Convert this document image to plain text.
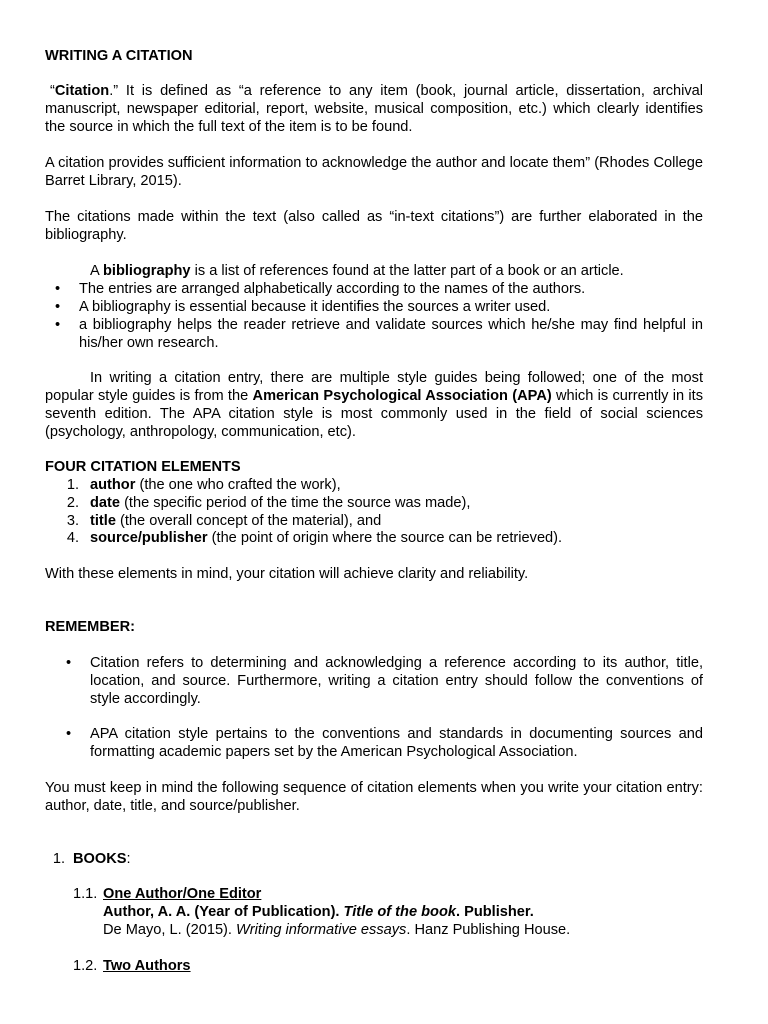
WRITING A CITATION

“Citation.” It is defined as “a reference to any item (book, journal article, dissertation, archival manuscript, newspaper editorial, report, website, musical composition, etc.) which clearly identifies the source in which the full text of the item is to be found.

A citation provides sufficient information to acknowledge the author and locate them” (Rhodes College Barret Library, 2015).

The citations made within the text (also called as “in-text citations”) are further elaborated in the bibliography.

A bibliography is a list of references found at the latter part of a book or an article.

• The entries are arranged alphabetically according to the names of the authors.

• A bibliography is essential because it identifies the sources a writer used.

• a bibliography helps the reader retrieve and validate sources which he/she may find helpful in his/her own research.

In writing a citation entry, there are multiple style guides being followed; one of the most popular style guides is from the American Psychological Association (APA) which is currently in its seventh edition. The APA citation style is most commonly used in the field of social sciences (psychology, anthropology, communication, etc).

FOUR CITATION ELEMENTS

1. author (the one who crafted the work),

2. date (the specific period of the time the source was made),

3. title (the overall concept of the material), and

4. source/publisher (the point of origin where the source can be retrieved).

With these elements in mind, your citation will achieve clarity and reliability.

REMEMBER:

• Citation refers to determining and acknowledging a reference according to its author, title, location, and source. Furthermore, writing a citation entry should follow the conventions of style accordingly.

• APA citation style pertains to the conventions and standards in documenting sources and formatting academic papers set by the American Psychological Association.

You must keep in mind the following sequence of citation elements when you write your citation entry: author, date, title, and source/publisher.

1. BOOKS:

1.1. One Author/One Editor

Author, A. A. (Year of Publication). Title of the book. Publisher.

De Mayo, L. (2015). Writing informative essays. Hanz Publishing House.

1.2. Two Authors
